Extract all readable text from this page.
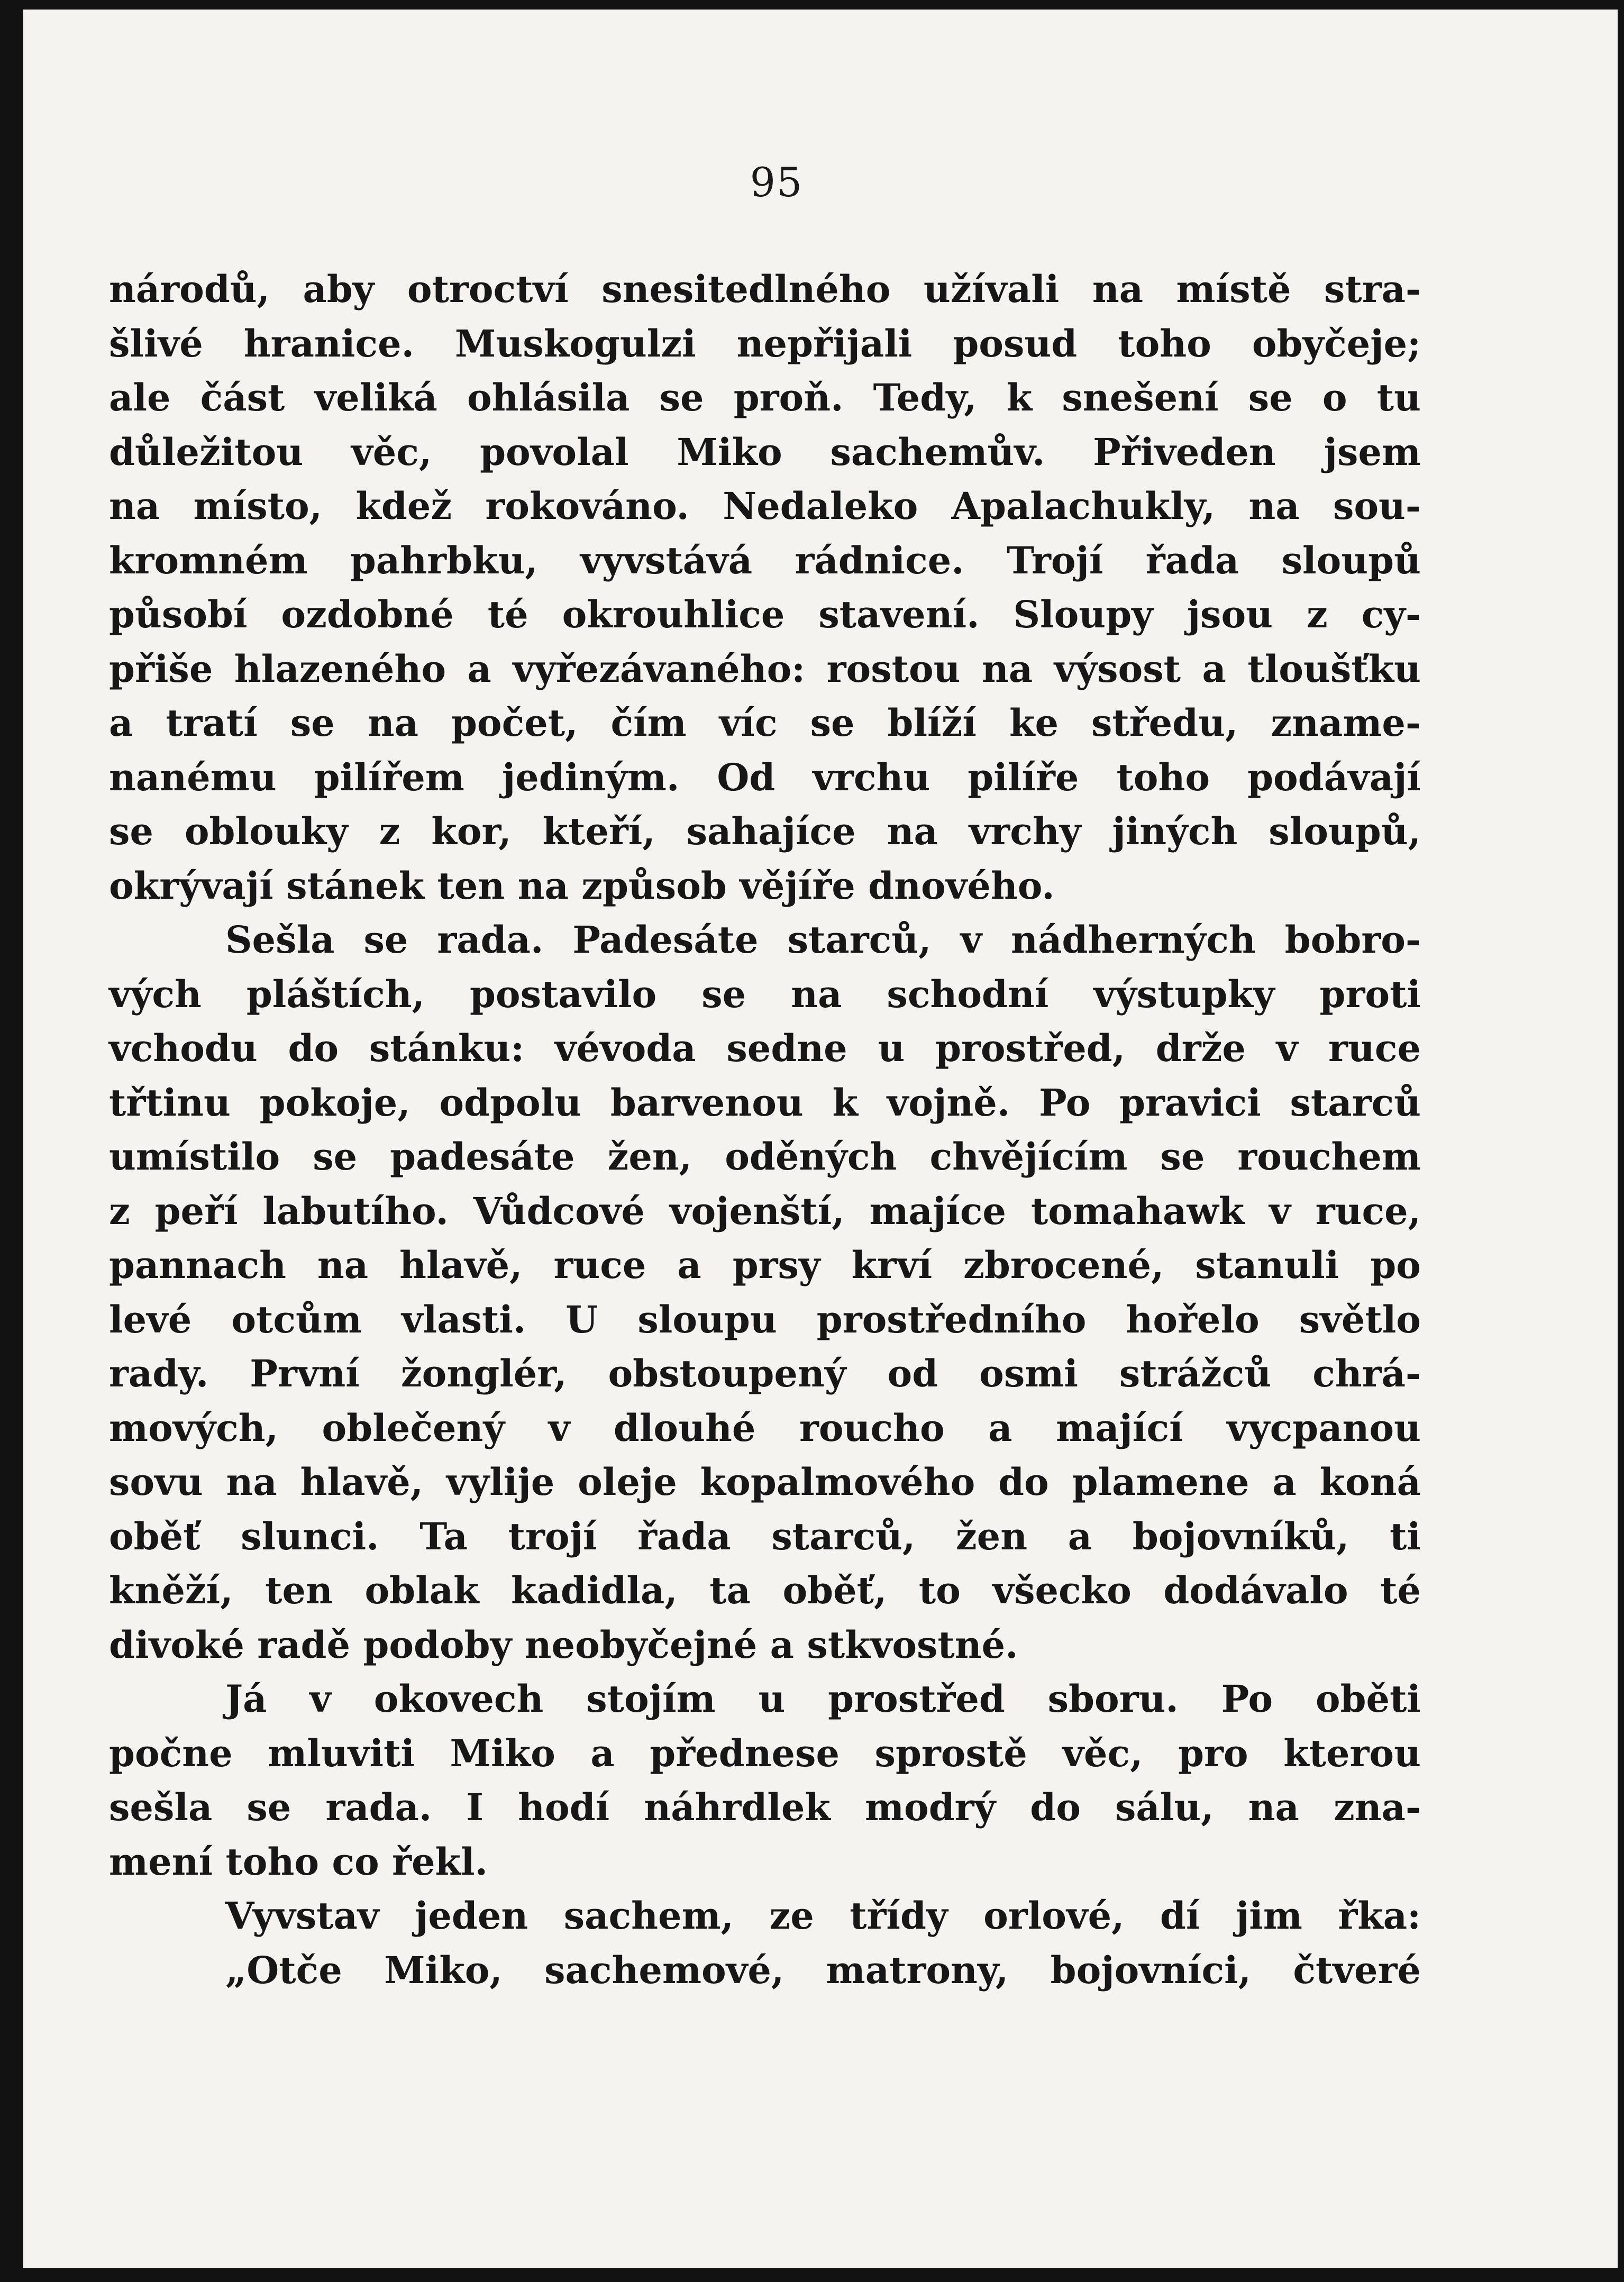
95
národů, aby otroctví snesitedlného užívali na místě stra-
šlivé hranice. Muskogulzi nepřijali posud toho obyčeje;
ale část veliká ohlásila se proň. Tedy, k snešení se o tu
důležitou věc, povolal Miko sachemův. Přiveden jsem
na místo, kdež rokováno. Nedaleko Apalachukly, na sou-
kromném pahrbku, vyvstává rádnice. Trojí řada sloupů
působí ozdobné té okrouhlice stavení. Sloupy jsou z cy-
přiše hlazeného a vyřezávaného: rostou na výsost a tloušťku
a tratí se na počet, čím víc se blíží ke středu, zname-
nanému pilířem jediným. Od vrchu pilíře toho podávají
se oblouky z kor, kteří, sahajíce na vrchy jiných sloupů,
okrývají stánek ten na způsob vějíře dnového.
Sešla se rada. Padesáte starců, v nádherných bobro-
vých pláštích, postavilo se na schodní výstupky proti
vchodu do stánku: vévoda sedne u prostřed, drže v ruce
třtinu pokoje, odpolu barvenou k vojně. Po pravici starců
umístilo se padesáte žen, oděných chvějícím se rouchem
z peří labutího. Vůdcové vojenští, majíce tomahawk v ruce,
pannach na hlavě, ruce a prsy krví zbrocené, stanuli po
levé otcům vlasti. U sloupu prostředního hořelo světlo
rady. První žonglér, obstoupený od osmi strážců chrá-
mových, oblečený v dlouhé roucho a mající vycpanou
sovu na hlavě, vylije oleje kopalmového do plamene a koná
oběť slunci. Ta trojí řada starců, žen a bojovníků, ti
kněží, ten oblak kadidla, ta oběť, to všecko dodávalo té
divoké radě podoby neobyčejné a stkvostné.
Já v okovech stojím u prostřed sboru. Po oběti
počne mluviti Miko a přednese sprostě věc, pro kterou
sešla se rada. I hodí náhrdlek modrý do sálu, na zna-
mení toho co řekl.
Vyvstav jeden sachem, ze třídy orlové, dí jim řka:
„Otče Miko, sachemové, matrony, bojovníci, čtveré
